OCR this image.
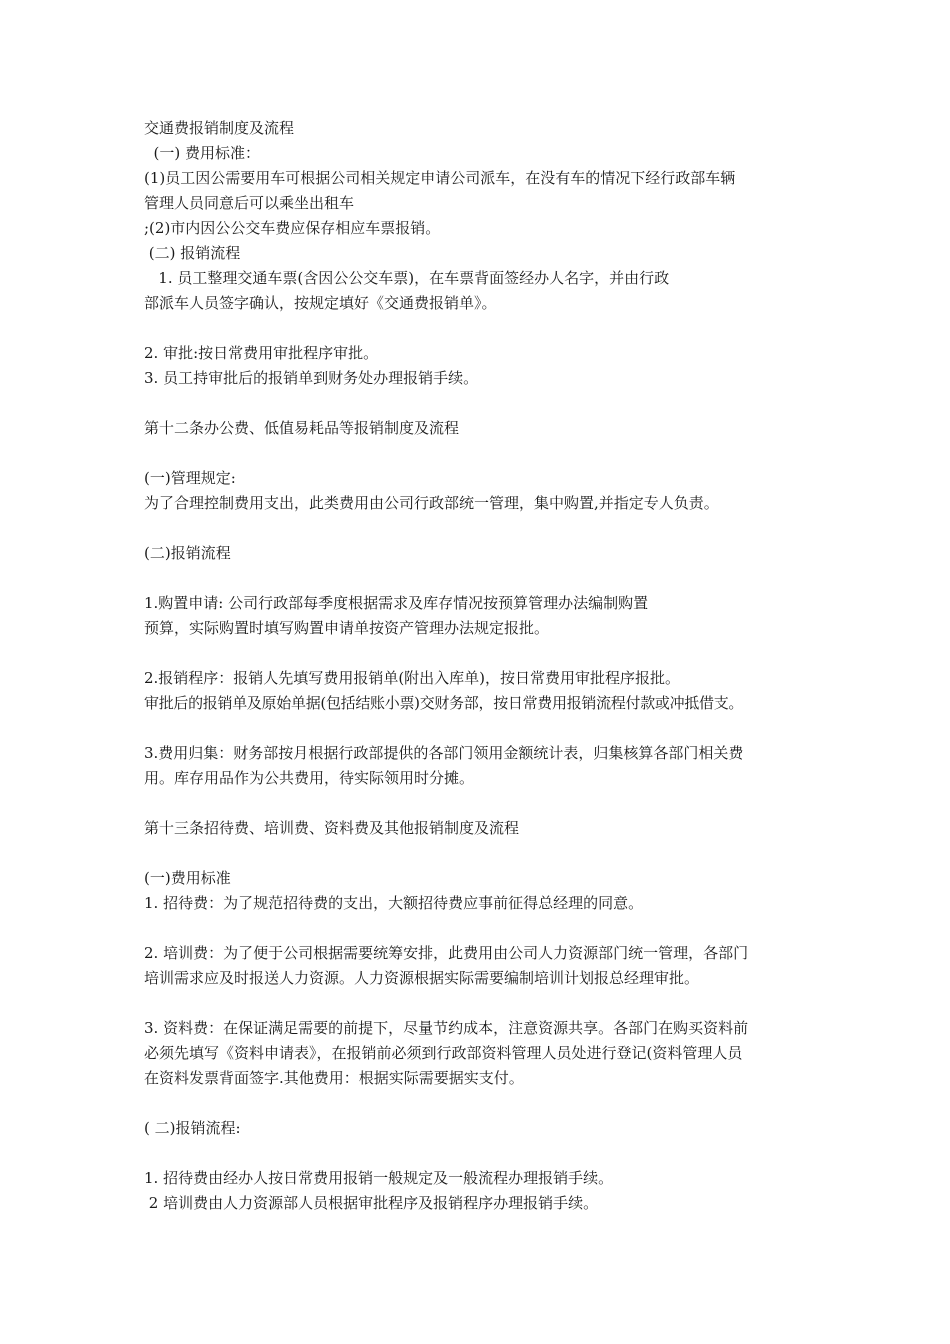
交通费报销制度及流程
(一) 费用标准：
(1)员工因公需要用车可根据公司相关规定申请公司派车，在没有车的情况下经行政部车辆
管理人员同意后可以乘坐出租车
;(2)市内因公公交车费应保存相应车票报销。
(二) 报销流程
1. 员工整理交通车票(含因公公交车票)，在车票背面签经办人名字，并由行政
部派车人员签字确认，按规定填好《交通费报销单》。
2. 审批:按日常费用审批程序审批。
3. 员工持审批后的报销单到财务处办理报销手续。
第十二条办公费、低值易耗品等报销制度及流程
(一)管理规定:
为了合理控制费用支出，此类费用由公司行政部统一管理，集中购置,并指定专人负责。
(二)报销流程
1.购置申请: 公司行政部每季度根据需求及库存情况按预算管理办法编制购置
预算，实际购置时填写购置申请单按资产管理办法规定报批。
2.报销程序：报销人先填写费用报销单(附出入库单)，按日常费用审批程序报批。
审批后的报销单及原始单据(包括结账小票)交财务部，按日常费用报销流程付款或冲抵借支。
3.费用归集：财务部按月根据行政部提供的各部门领用金额统计表，归集核算各部门相关费
用。库存用品作为公共费用，待实际领用时分摊。
第十三条招待费、培训费、资料费及其他报销制度及流程
(一)费用标准
1. 招待费：为了规范招待费的支出，大额招待费应事前征得总经理的同意。
2. 培训费：为了便于公司根据需要统筹安排，此费用由公司人力资源部门统一管理，各部门
培训需求应及时报送人力资源。人力资源根据实际需要编制培训计划报总经理审批。
3. 资料费：在保证满足需要的前提下，尽量节约成本，注意资源共享。各部门在购买资料前
必须先填写《资料申请表》，在报销前必须到行政部资料管理人员处进行登记(资料管理人员
在资料发票背面签字.其他费用：根据实际需要据实支付。
( 二)报销流程:
1. 招待费由经办人按日常费用报销一般规定及一般流程办理报销手续。
2 培训费由人力资源部人员根据审批程序及报销程序办理报销手续。
